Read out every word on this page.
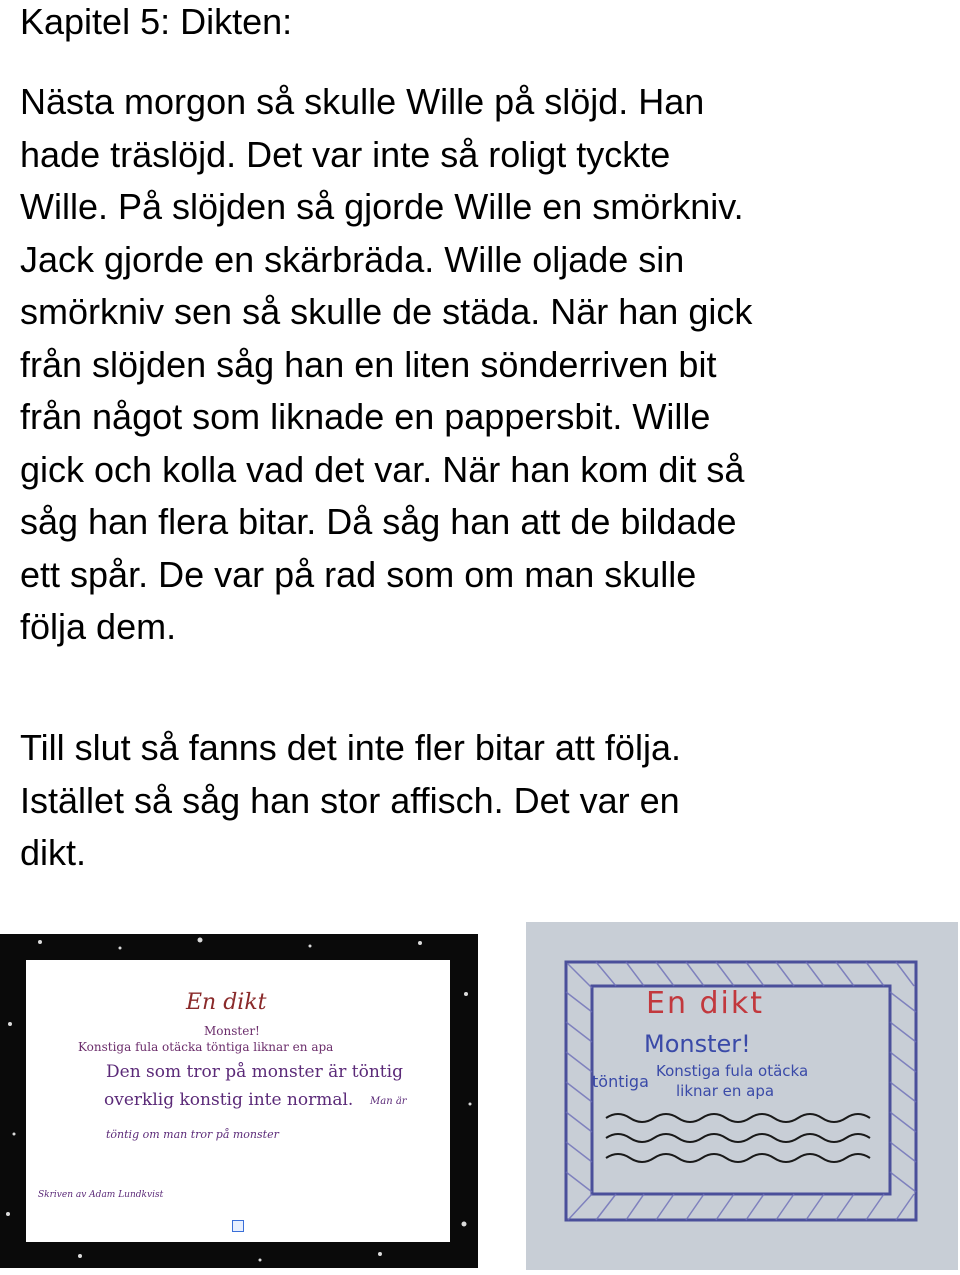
Kapitel 5: Dikten:
Nästa morgon så skulle Wille på slöjd. Han
hade träslöjd. Det var inte så roligt tyckte
Wille. På slöjden så gjorde Wille en smörkniv.
Jack gjorde en skärbräda. Wille oljade sin
smörkniv sen så skulle de städa. När han gick
från slöjden såg han en liten sönderriven bit
från något som liknade en pappersbit. Wille
gick och kolla vad det var. När han kom dit så
såg han flera bitar. Då såg han att de bildade
ett spår. De var på rad som om man skulle
följa dem.
Till slut så fanns det inte fler bitar att följa.
Istället så såg han stor affisch. Det var en
dikt.
En dikt
Monster!
Konstiga fula otäcka töntiga liknar en apa
Den som tror på monster är töntig
overklig konstig inte normal. Man är
töntig om man tror på monster
Skriven av Adam Lundkvist
En dikt
Monster!
Konstiga fula otäcka
töntiga liknar en apa
